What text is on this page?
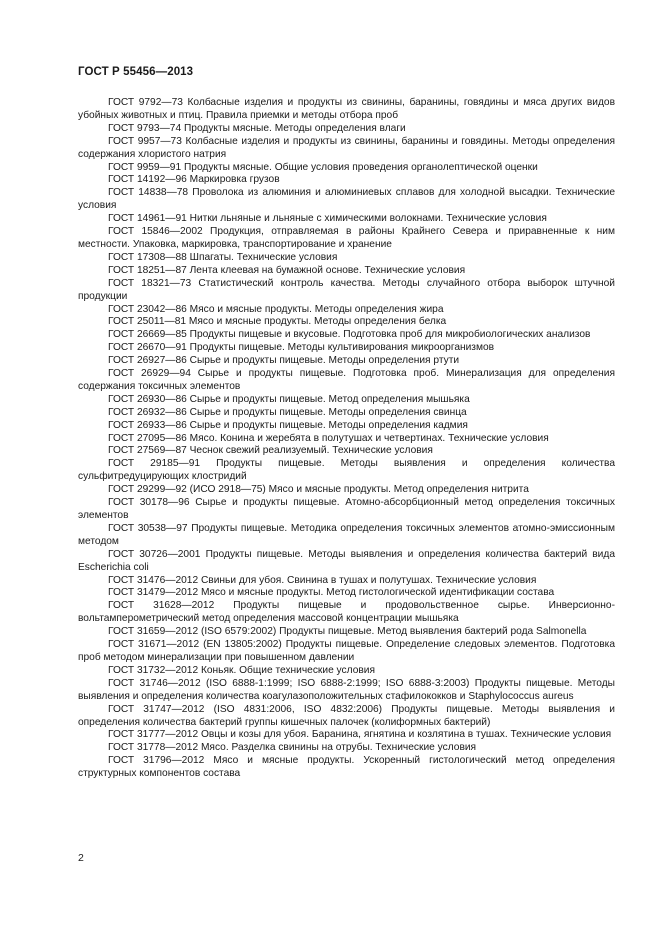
ГОСТ Р 55456—2013

ГОСТ 9792—73 Колбасные изделия и продукты из свинины, баранины, говядины и мяса других видов убойных животных и птиц. Правила приемки и методы отбора проб

ГОСТ 9793—74 Продукты мясные. Методы определения влаги

ГОСТ 9957—73 Колбасные изделия и продукты из свинины, баранины и говядины. Методы определения содержания хлористого натрия

ГОСТ 9959—91 Продукты мясные. Общие условия проведения органолептической оценки

ГОСТ 14192—96 Маркировка грузов

ГОСТ 14838—78 Проволока из алюминия и алюминиевых сплавов для холодной высадки. Технические условия

ГОСТ 14961—91 Нитки льняные и льняные с химическими волокнами. Технические условия

ГОСТ 15846—2002 Продукция, отправляемая в районы Крайнего Севера и приравненные к ним местности. Упаковка, маркировка, транспортирование и хранение

ГОСТ 17308—88 Шпагаты. Технические условия

ГОСТ 18251—87 Лента клеевая на бумажной основе. Технические условия

ГОСТ 18321—73 Статистический контроль качества. Методы случайного отбора выборок штучной продукции

ГОСТ 23042—86 Мясо и мясные продукты. Методы определения жира

ГОСТ 25011—81 Мясо и мясные продукты. Методы определения белка

ГОСТ 26669—85 Продукты пищевые и вкусовые. Подготовка проб для микробиологических анализов

ГОСТ 26670—91 Продукты пищевые. Методы культивирования микроорганизмов

ГОСТ 26927—86 Сырье и продукты пищевые. Методы определения ртути

ГОСТ 26929—94 Сырье и продукты пищевые. Подготовка проб. Минерализация для определения содержания токсичных элементов

ГОСТ 26930—86 Сырье и продукты пищевые. Метод определения мышьяка

ГОСТ 26932—86 Сырье и продукты пищевые. Методы определения свинца

ГОСТ 26933—86 Сырье и продукты пищевые. Методы определения кадмия

ГОСТ 27095—86 Мясо. Конина и жеребята в полутушах и четвертинах. Технические условия

ГОСТ 27569—87 Чеснок свежий реализуемый. Технические условия

ГОСТ 29185—91 Продукты пищевые. Методы выявления и определения количества сульфитредуцирующих клостридий

ГОСТ 29299—92 (ИСО 2918—75) Мясо и мясные продукты. Метод определения нитрита

ГОСТ 30178—96 Сырье и продукты пищевые. Атомно-абсорбционный метод определения токсичных элементов

ГОСТ 30538—97 Продукты пищевые. Методика определения токсичных элементов атомно-эмиссионным методом

ГОСТ 30726—2001 Продукты пищевые. Методы выявления и определения количества бактерий вида Escherichia coli

ГОСТ 31476—2012 Свиньи для убоя. Свинина в тушах и полутушах. Технические условия

ГОСТ 31479—2012 Мясо и мясные продукты. Метод гистологической идентификации состава

ГОСТ 31628—2012 Продукты пищевые и продовольственное сырье. Инверсионно-вольтамперометрический метод определения массовой концентрации мышьяка

ГОСТ 31659—2012 (ISO 6579:2002) Продукты пищевые. Метод выявления бактерий рода Salmonella

ГОСТ 31671—2012 (EN 13805:2002) Продукты пищевые. Определение следовых элементов. Подготовка проб методом минерализации при повышенном давлении

ГОСТ 31732—2012 Коньяк. Общие технические условия

ГОСТ 31746—2012 (ISO 6888-1:1999; ISO 6888-2:1999; ISO 6888-3:2003) Продукты пищевые. Методы выявления и определения количества коагулазоположительных стафилококков и Staphylococcus aureus

ГОСТ 31747—2012 (ISO 4831:2006, ISO 4832:2006) Продукты пищевые. Методы выявления и определения количества бактерий группы кишечных палочек (колиформных бактерий)

ГОСТ 31777—2012 Овцы и козы для убоя. Баранина, ягнятина и козлятина в тушах. Технические условия

ГОСТ 31778—2012 Мясо. Разделка свинины на отрубы. Технические условия

ГОСТ 31796—2012 Мясо и мясные продукты. Ускоренный гистологический метод определения структурных компонентов состава

2
